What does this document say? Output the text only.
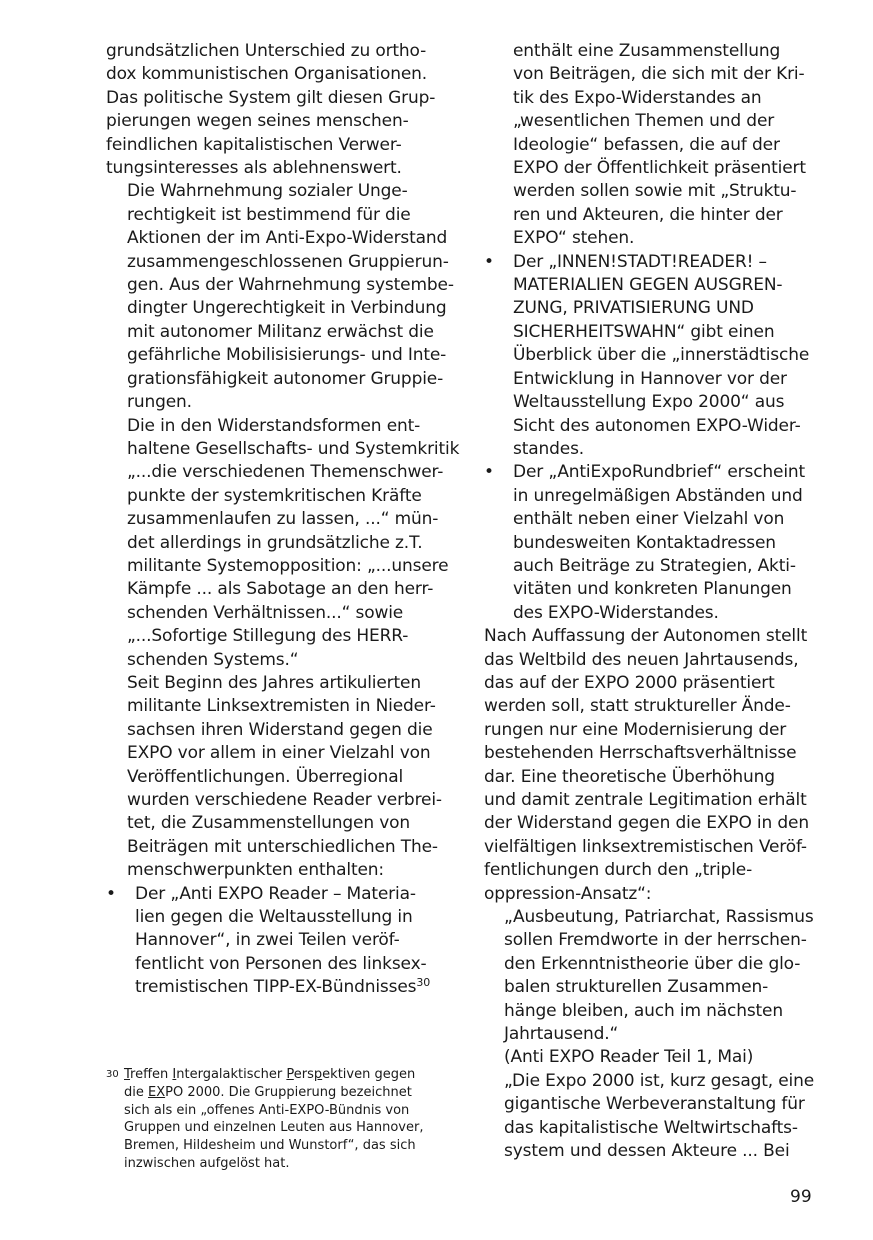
grundsätzlichen Unterschied zu ortho-
dox kommunistischen Organisationen.
Das politische System gilt diesen Grup-
pierungen wegen seines menschen-
feindlichen kapitalistischen Verwer-
tungsinteresses als ablehnenswert.

Die Wahrnehmung sozialer Unge-
rechtigkeit ist bestimmend für die
Aktionen der im Anti-Expo-Widerstand
zusammengeschlossenen Gruppierun-
gen. Aus der Wahrnehmung systembe-
dingter Ungerechtigkeit in Verbindung
mit autonomer Militanz erwächst die
gefährliche Mobilisisierungs- und Inte-
grationsfähigkeit autonomer Gruppie-
rungen.

Die in den Widerstandsformen ent-
haltene Gesellschafts- und Systemkritik
„...die verschiedenen Themenschwer-
punkte der systemkritischen Kräfte
zusammenlaufen zu lassen, ...“ mün-
det allerdings in grundsätzliche z.T.
militante Systemopposition: „...unsere
Kämpfe ... als Sabotage an den herr-
schenden Verhältnissen...“ sowie
„...Sofortige Stillegung des HERR-
schenden Systems.“

Seit Beginn des Jahres artikulierten
militante Linksextremisten in Nieder-
sachsen ihren Widerstand gegen die
EXPO vor allem in einer Vielzahl von
Veröffentlichungen. Überregional
wurden verschiedene Reader verbrei-
tet, die Zusammenstellungen von
Beiträgen mit unterschiedlichen The-
menschwerpunkten enthalten:

• Der „Anti EXPO Reader – Materia-
lien gegen die Weltausstellung in
Hannover“, in zwei Teilen veröf-
fentlicht von Personen des linksex-
tremistischen TIPP-EX-Bündnisses$^{30}$
enthält eine Zusammenstellung
von Beiträgen, die sich mit der Kri-
tik des Expo-Widerstandes an
„wesentlichen Themen und der
Ideologie“ befassen, die auf der
EXPO der Öffentlichkeit präsentiert
werden sollen sowie mit „Struktu-
ren und Akteuren, die hinter der
EXPO“ stehen.
• Der „INNEN!STADT!READER! –
MATERIALIEN GEGEN AUSGREN-
ZUNG, PRIVATISIERUNG UND
SICHERHEITSWAHN“ gibt einen
Überblick über die „innerstädtische
Entwicklung in Hannover vor der
Weltausstellung Expo 2000“ aus
Sicht des autonomen EXPO-Wider-
standes.
• Der „AntiExpoRundbrief“ erscheint
in unregelmäßigen Abständen und
enthält neben einer Vielzahl von
bundesweiten Kontaktadressen
auch Beiträge zu Strategien, Akti-
vitäten und konkreten Planungen
des EXPO-Widerstandes.

Nach Auffassung der Autonomen stellt
das Weltbild des neuen Jahrtausends,
das auf der EXPO 2000 präsentiert
werden soll, statt struktureller Ände-
rungen nur eine Modernisierung der
bestehenden Herrschaftsverhältnisse
dar. Eine theoretische Überhöhung
und damit zentrale Legitimation erhält
der Widerstand gegen die EXPO in den
vielfältigen linksextremistischen Veröf-
fentlichungen durch den „triple-
oppression-Ansatz“:

„Ausbeutung, Patriarchat, Rassismus
sollen Fremdworte in der herrschen-
den Erkenntnistheorie über die glo-
balen strukturellen Zusammen-
hänge bleiben, auch im nächsten
Jahrtausend.“
(Anti EXPO Reader Teil 1, Mai)
„Die Expo 2000 ist, kurz gesagt, eine
gigantische Werbeveranstaltung für
das kapitalistische Weltwirtschafts-
system und dessen Akteure ... Bei
30 Treffen Intergalaktischer Perspektiven gegen
die EXPO 2000. Die Gruppierung bezeichnet
sich als ein „offenes Anti-EXPO-Bündnis von
Gruppen und einzelnen Leuten aus Hannover,
Bremen, Hildesheim und Wunstorf“, das sich
inzwischen aufgelöst hat.
99
